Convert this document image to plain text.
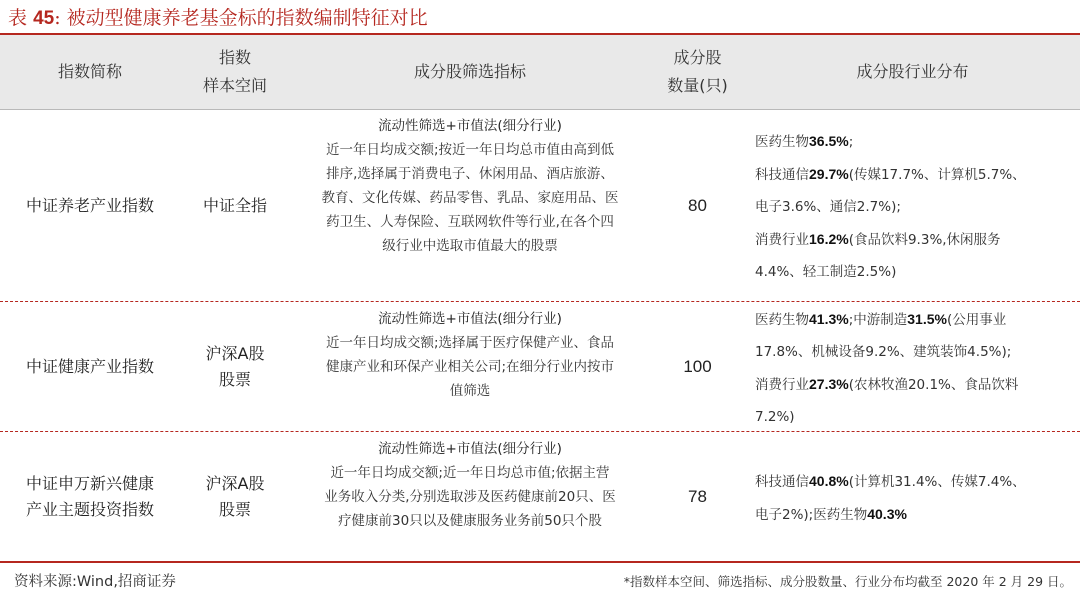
表 45: 被动型健康养老基金标的指数编制特征对比
指数简称
指数
样本空间
成分股筛选指标
成分股
数量(只)
成分股行业分布
中证养老产业指数	中证全指
流动性筛选+市值法(细分行业)
近一年日均成交额;按近一年日均总市值由高到低
排序,选择属于消费电子、休闲用品、酒店旅游、
教育、文化传媒、药品零售、乳品、家庭用品、医
药卫生、人寿保险、互联网软件等行业,在各个四
级行业中选取市值最大的股票
80
医药生物36.5%;
科技通信29.7%(传媒17.7%、计算机5.7%、
电子3.6%、通信2.7%);
消费行业16.2%(食品饮料9.3%,休闲服务
4.4%、轻工制造2.5%)
中证健康产业指数
沪深A股
股票
流动性筛选+市值法(细分行业)
近一年日均成交额;选择属于医疗保健产业、食品
健康产业和环保产业相关公司;在细分行业内按市
值筛选
100
医药生物41.3%;中游制造31.5%(公用事业
17.8%、机械设备9.2%、建筑装饰4.5%);
消费行业27.3%(农林牧渔20.1%、食品饮料
7.2%)
中证申万新兴健康
产业主题投资指数
沪深A股
股票
流动性筛选+市值法(细分行业)
近一年日均成交额;近一年日均总市值;依据主营
业务收入分类,分别选取涉及医药健康前20只、医
疗健康前30只以及健康服务业务前50只个股
78
科技通信40.8%(计算机31.4%、传媒7.4%、
电子2%);医药生物40.3%
资料来源:Wind,招商证券	*指数样本空间、筛选指标、成分股数量、行业分布均截至 2020 年 2 月 29 日。
